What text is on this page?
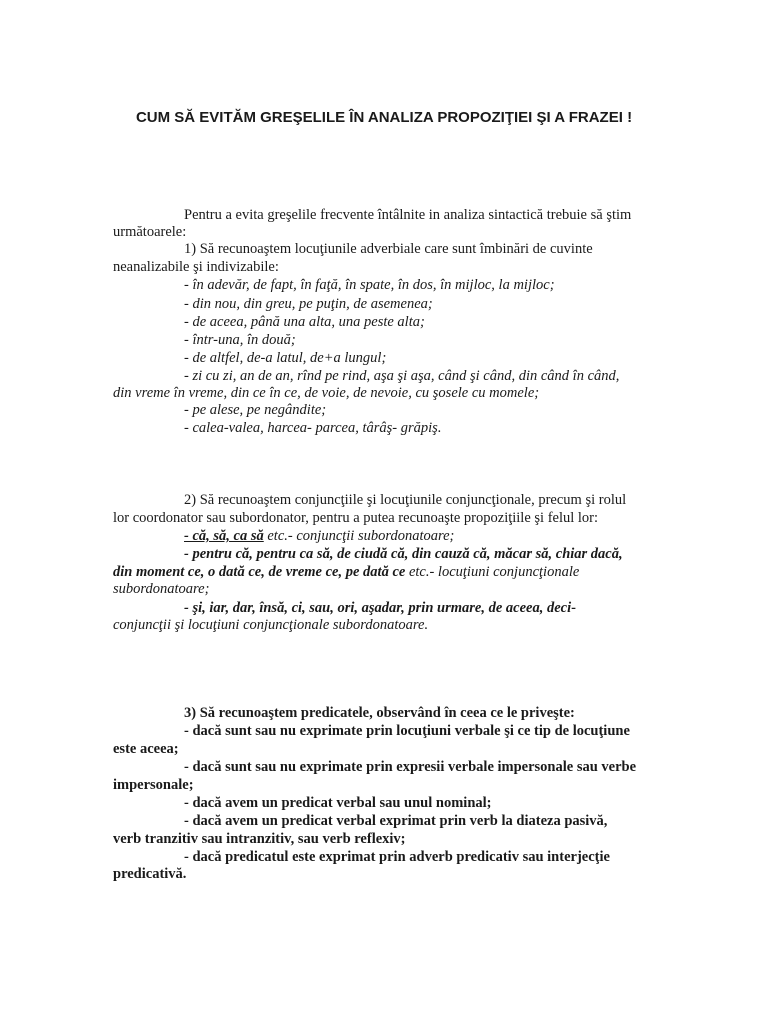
CUM SĂ EVITĂM GREŞELILE ÎN ANALIZA PROPOZIŢIEI ŞI A FRAZEI !

Pentru a evita greşelile frecvente întâlnite in analiza sintactică trebuie să ştim

următoarele:

1) Să recunoaştem locuţiunile adverbiale care sunt îmbinări de cuvinte

neanalizabile şi indivizabile:

- în adevăr, de fapt, în faţă, în spate, în dos, în mijloc, la mijloc;

- din nou, din greu, pe puţin, de asemenea;

- de aceea, până una alta, una peste alta;

- într-una, în două;

- de altfel, de-a latul, de+a lungul;

- zi cu zi, an de an, rînd pe rind, aşa şi aşa, când şi când, din când în când,

din vreme în vreme, din ce în ce, de voie, de nevoie, cu şosele cu momele;

- pe alese, pe negândite;

- calea-valea, harcea- parcea, târâş- grăpiş.

2) Să recunoaştem conjuncţiile şi locuţiunile conjuncţionale, precum şi rolul

lor coordonator sau subordonator, pentru a putea recunoaşte propoziţiile şi felul lor:

- că, să, ca să etc.- conjuncţii subordonatoare;

- pentru că, pentru ca să, de ciudă că, din cauză că, măcar să, chiar dacă,

din moment ce, o dată ce, de vreme ce, pe dată ce etc.- locuţiuni conjuncţionale

subordonatoare;

- şi, iar, dar, însă, ci, sau, ori, aşadar, prin urmare, de aceea, deci-

conjuncţii şi locuţiuni conjuncţionale subordonatoare.

3) Să recunoaştem predicatele, observând în ceea ce le priveşte:

- dacă sunt sau nu exprimate prin locuţiuni verbale şi ce tip de locuţiune

este aceea;

- dacă sunt sau nu exprimate prin expresii verbale impersonale sau verbe

impersonale;

- dacă avem un predicat verbal sau unul nominal;

- dacă avem un predicat verbal exprimat prin verb la diateza pasivă,

verb tranzitiv sau intranzitiv, sau verb reflexiv;

- dacă predicatul este exprimat prin adverb predicativ sau interjecţie

predicativă.
